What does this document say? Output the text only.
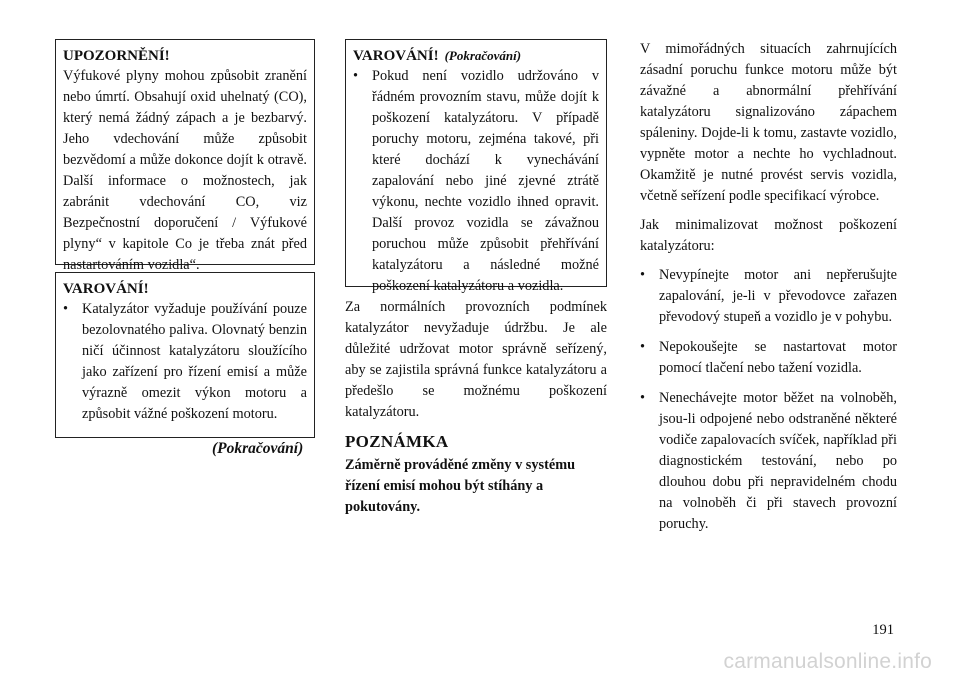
UPOZORNĚNÍ!

Výfukové plyny mohou způsobit zranění nebo úmrtí. Obsahují oxid uhelnatý (CO), který nemá žádný zápach a je bezbarvý. Jeho vdechování může způsobit bezvědomí a může dokonce dojít k otravě. Další informace o možnostech, jak zabránit vdechování CO, viz Bezpečnostní doporučení / Výfukové plyny“ v kapitole Co je třeba znát před nastartováním vozidla“.

VAROVÁNÍ!
• Katalyzátor vyžaduje používání pouze bezolovnatého paliva. Olovnatý benzin ničí účinnost katalyzátoru sloužícího jako zařízení pro řízení emisí a může výrazně omezit výkon motoru a způsobit vážné poškození motoru.
(Pokračování)
VAROVÁNÍ! (Pokračování)
• Pokud není vozidlo udržováno v řádném provozním stavu, může dojít k poškození katalyzátoru. V případě poruchy motoru, zejména takové, při které dochází k vynechávání zapalování nebo jiné zjevné ztrátě výkonu, nechte vozidlo ihned opravit. Další provoz vozidla se závažnou poruchou může způsobit přehřívání katalyzátoru a následné možné poškození katalyzátoru a vozidla.

Za normálních provozních podmínek katalyzátor nevyžaduje údržbu. Je ale důležité udržovat motor správně seřízený, aby se zajistila správná funkce katalyzátoru a předešlo se možnému poškození katalyzátoru.

POZNÁMKA

Záměrně prováděné změny v systému řízení emisí mohou být stíhány a pokutovány.

V mimořádných situacích zahrnujících zásadní poruchu funkce motoru může být závažné a abnormální přehřívání katalyzátoru signalizováno zápachem spáleniny. Dojde-li k tomu, zastavte vozidlo, vypněte motor a nechte ho vychladnout. Okamžitě je nutné provést servis vozidla, včetně seřízení podle specifikací výrobce.

Jak minimalizovat možnost poškození katalyzátoru:

• Nevypínejte motor ani nepřerušujte zapalování, je-li v převodovce zařazen převodový stupeň a vozidlo je v pohybu.
• Nepokoušejte se nastartovat motor pomocí tlačení nebo tažení vozidla.
• Nenechávejte motor běžet na volnoběh, jsou-li odpojené nebo odstraněné některé vodiče zapalovacích svíček, například při diagnostickém testování, nebo po dlouhou dobu při nepravidelném chodu na volnoběh či při stavech provozní poruchy.
191
carmanualsonline.info
